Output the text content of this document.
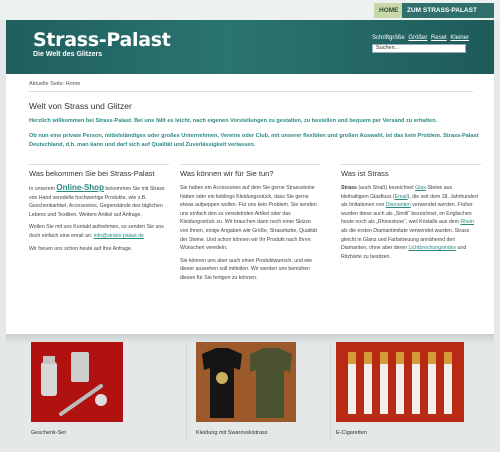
HOME	ZUM STRASS-PALAST
Strass-Palast
Die Welt des Glitzers
Schriftgröße Größer Reset Kleiner
Suchen...
Aktuelle Seite: Home
Welt von Strass und Glitzer

Herzlich willkommen bei Strass-Palast. Bei uns fällt es leicht, nach eigenen Vorstellungen zu gestalten, zu bestellen und bequem per Versand zu erhalten.

Ob nun eine private Person, mittelständiges oder großes Unternehmen, Vereine oder Club, mit unserer flexiblen und großen Auswahl, ist das kein Problem. Strass-Palast Deutschland, d.h. man kann und darf sich auf Qualität und Zuverlässigkeit verlassen.

Was bekommen Sie bei Strass-Palast

In unserem Online-Shop bekommen Sie mit Strass von Hand veredelte hochwertige Produkte, wie z.B. Geschenkartikel, Accessoires, Gegenstände des täglichen Lebens und Textilien. Weitere Artikel auf Anfrage.

Wollen Sie mit uns Kontakt aufnehmen, so senden Sie uns doch einfach eine email an: info@strass-palast.de

Wir freuen uns schon heute auf Ihre Anfrage.

Was können wir für Sie tun?

Sie haben ein Accessoires auf dem Sie gerne Strasssteine hätten oder ein lieblings Kleidungsstück, dass Sie gerne etwas aufpeppen wollen. Für uns kein Problem. Sie senden uns einfach den zu veredelnden Artikel oder das Kleidungsstück zu. Wir brauchen dann noch einer Skizze von Ihnen, einige Angaben wie Größe, Strassfarbe, Qualität der Steine. Und schon können wir Ihr Produkt nach Ihren Wünschen veredeln.

Sie können uns aber auch einen Produktwunsch, und wie dieser aussehen soll mitteilen. Wir werden uns bemühen diesen für Sie fertigen zu können.

Was ist Strass

Strass (auch Straß) bezeichnet Glas-Steine aus bleihaltigem Glasfluss (Email), die seit dem 18. Jahrhundert als Imitationen von Diamanten verwendet werden. Früher wurden diese auch als „Simili“ bezeichnet, im Englischen heute noch als „Rhinestone“, weil Kristalle aus dem Rhein als die ersten Diamantimitate verwendet wurden. Strass gleicht in Glanz und Farbstreuung annähernd den Diamanten, ohne aber deren Lichtbrechungsindex und Ritzhärte zu besitzen.

Geschenk-Set	Kleidung mit Swarovskistrass	E-Cigaretten
